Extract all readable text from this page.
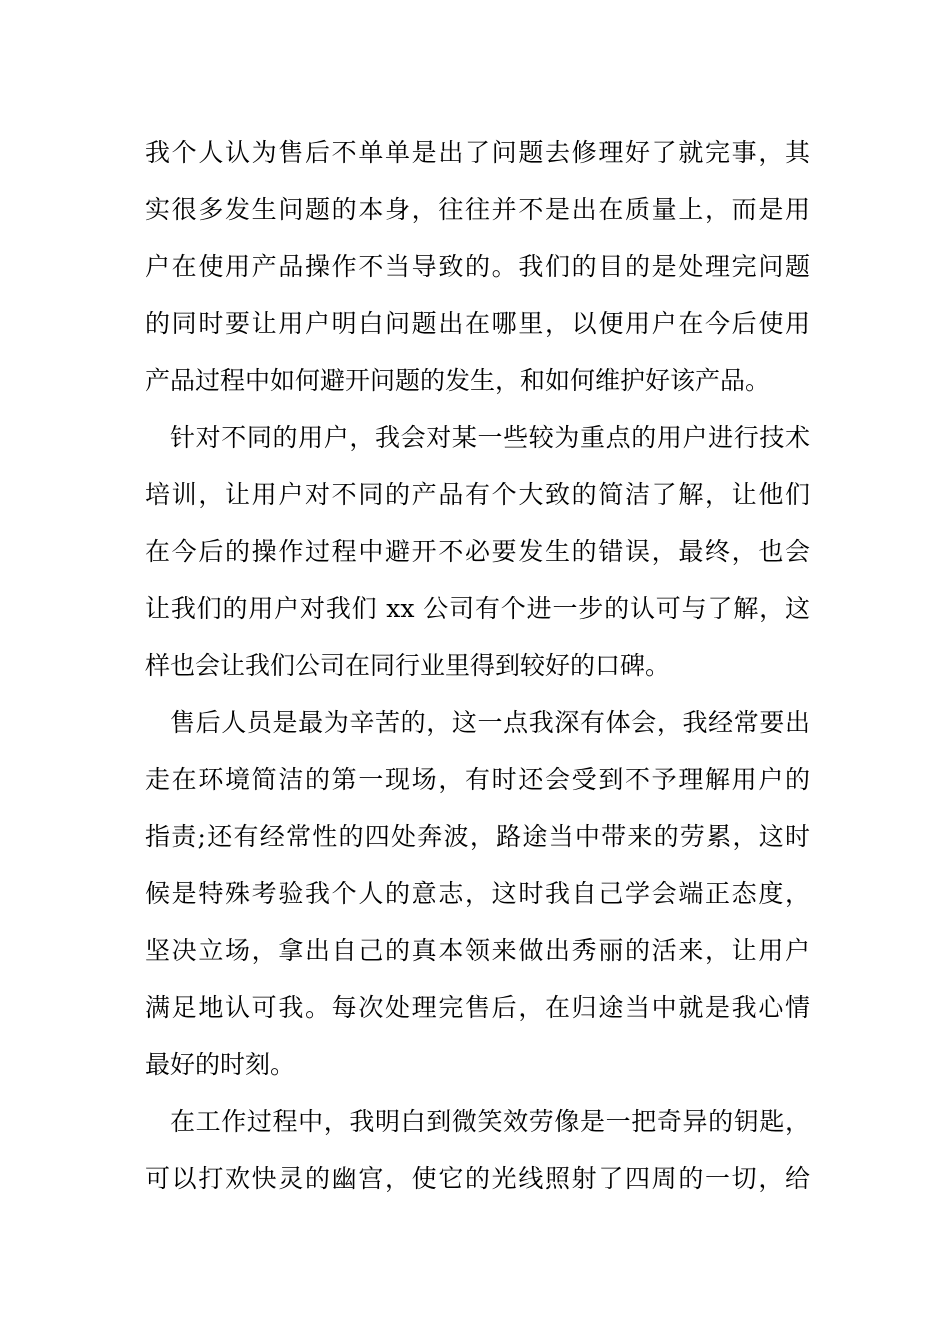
我个人认为售后不单单是出了问题去修理好了就完事，其
实很多发生问题的本身，往往并不是出在质量上，而是用
户在使用产品操作不当导致的。我们的目的是处理完问题
的同时要让用户明白问题出在哪里，以便用户在今后使用
产品过程中如何避开问题的发生，和如何维护好该产品。
针对不同的用户，我会对某一些较为重点的用户进行技术
培训，让用户对不同的产品有个大致的简洁了解，让他们
在今后的操作过程中避开不必要发生的错误，最终，也会
让我们的用户对我们 xx 公司有个进一步的认可与了解，这
样也会让我们公司在同行业里得到较好的口碑。
售后人员是最为辛苦的，这一点我深有体会，我经常要出
走在环境简洁的第一现场，有时还会受到不予理解用户的
指责;还有经常性的四处奔波，路途当中带来的劳累，这时
候是特殊考验我个人的意志，这时我自己学会端正态度，
坚决立场，拿出自己的真本领来做出秀丽的活来，让用户
满足地认可我。每次处理完售后，在归途当中就是我心情
最好的时刻。
在工作过程中，我明白到微笑效劳像是一把奇异的钥匙，
可以打欢快灵的幽宫，使它的光线照射了四周的一切，给
